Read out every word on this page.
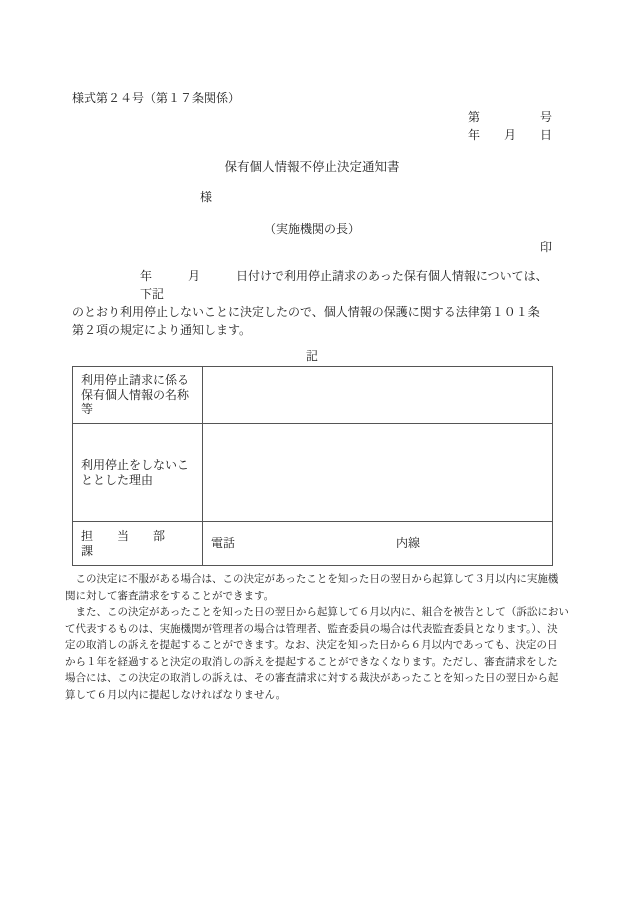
様式第２４号（第１７条関係）
第　　　　　号
年　　月　　日
保有個人情報不停止決定通知書
様
（実施機関の長）
印
年　　　月　　　日付けで利用停止請求のあった保有個人情報については、下記
のとおり利用停止しないことに決定したので、個人情報の保護に関する法律第１０１条
第２項の規定により通知します。
記
利用停止請求に係る保有個人情報の名称等	
利用停止をしないこととした理由	
担　　当　　部　　課	電話 内線
　この決定に不服がある場合は、この決定があったことを知った日の翌日から起算して３月以内に実施機
関に対して審査請求をすることができます。
　また、この決定があったことを知った日の翌日から起算して６月以内に、組合を被告として（訴訟におい
て代表するものは、実施機関が管理者の場合は管理者、監査委員の場合は代表監査委員となります。）、決
定の取消しの訴えを提起することができます。なお、決定を知った日から６月以内であっても、決定の日
から１年を経過すると決定の取消しの訴えを提起することができなくなります。ただし、審査請求をした
場合には、この決定の取消しの訴えは、その審査請求に対する裁決があったことを知った日の翌日から起
算して６月以内に提起しなければなりません。
